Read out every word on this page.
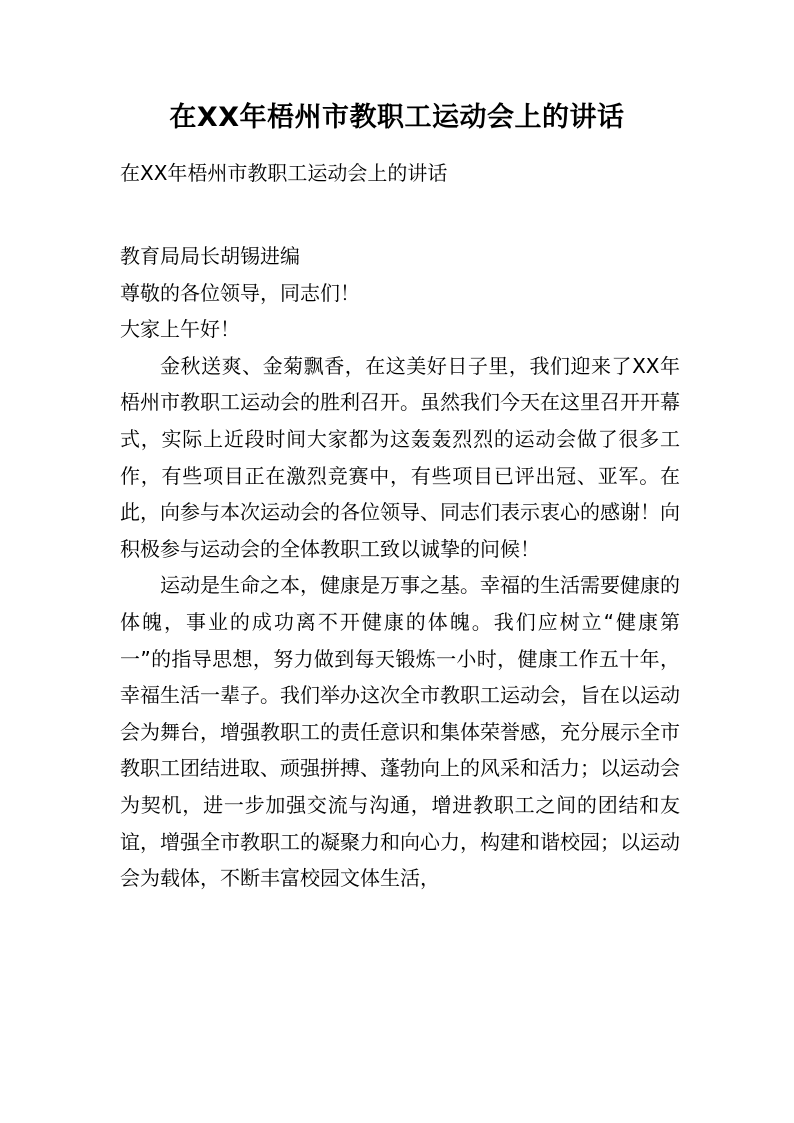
在XX年梧州市教职工运动会上的讲话
在XX年梧州市教职工运动会上的讲话

教育局局长胡锡进编

尊敬的各位领导，同志们！

大家上午好！

金秋送爽、金菊飘香，在这美好日子里，我们迎来了XX年梧州市教职工运动会的胜利召开。虽然我们今天在这里召开开幕式，实际上近段时间大家都为这轰轰烈烈的运动会做了很多工作，有些项目正在激烈竞赛中，有些项目已评出冠、亚军。在此，向参与本次运动会的各位领导、同志们表示衷心的感谢！向积极参与运动会的全体教职工致以诚挚的问候！

运动是生命之本，健康是万事之基。幸福的生活需要健康的体魄，事业的成功离不开健康的体魄。我们应树立“健康第一”的指导思想，努力做到每天锻炼一小时，健康工作五十年，幸福生活一辈子。我们举办这次全市教职工运动会，旨在以运动会为舞台，增强教职工的责任意识和集体荣誉感，充分展示全市教职工团结进取、顽强拼搏、蓬勃向上的风采和活力；以运动会为契机，进一步加强交流与沟通，增进教职工之间的团结和友谊，增强全市教职工的凝聚力和向心力，构建和谐校园；以运动会为载体，不断丰富校园文体生活，
